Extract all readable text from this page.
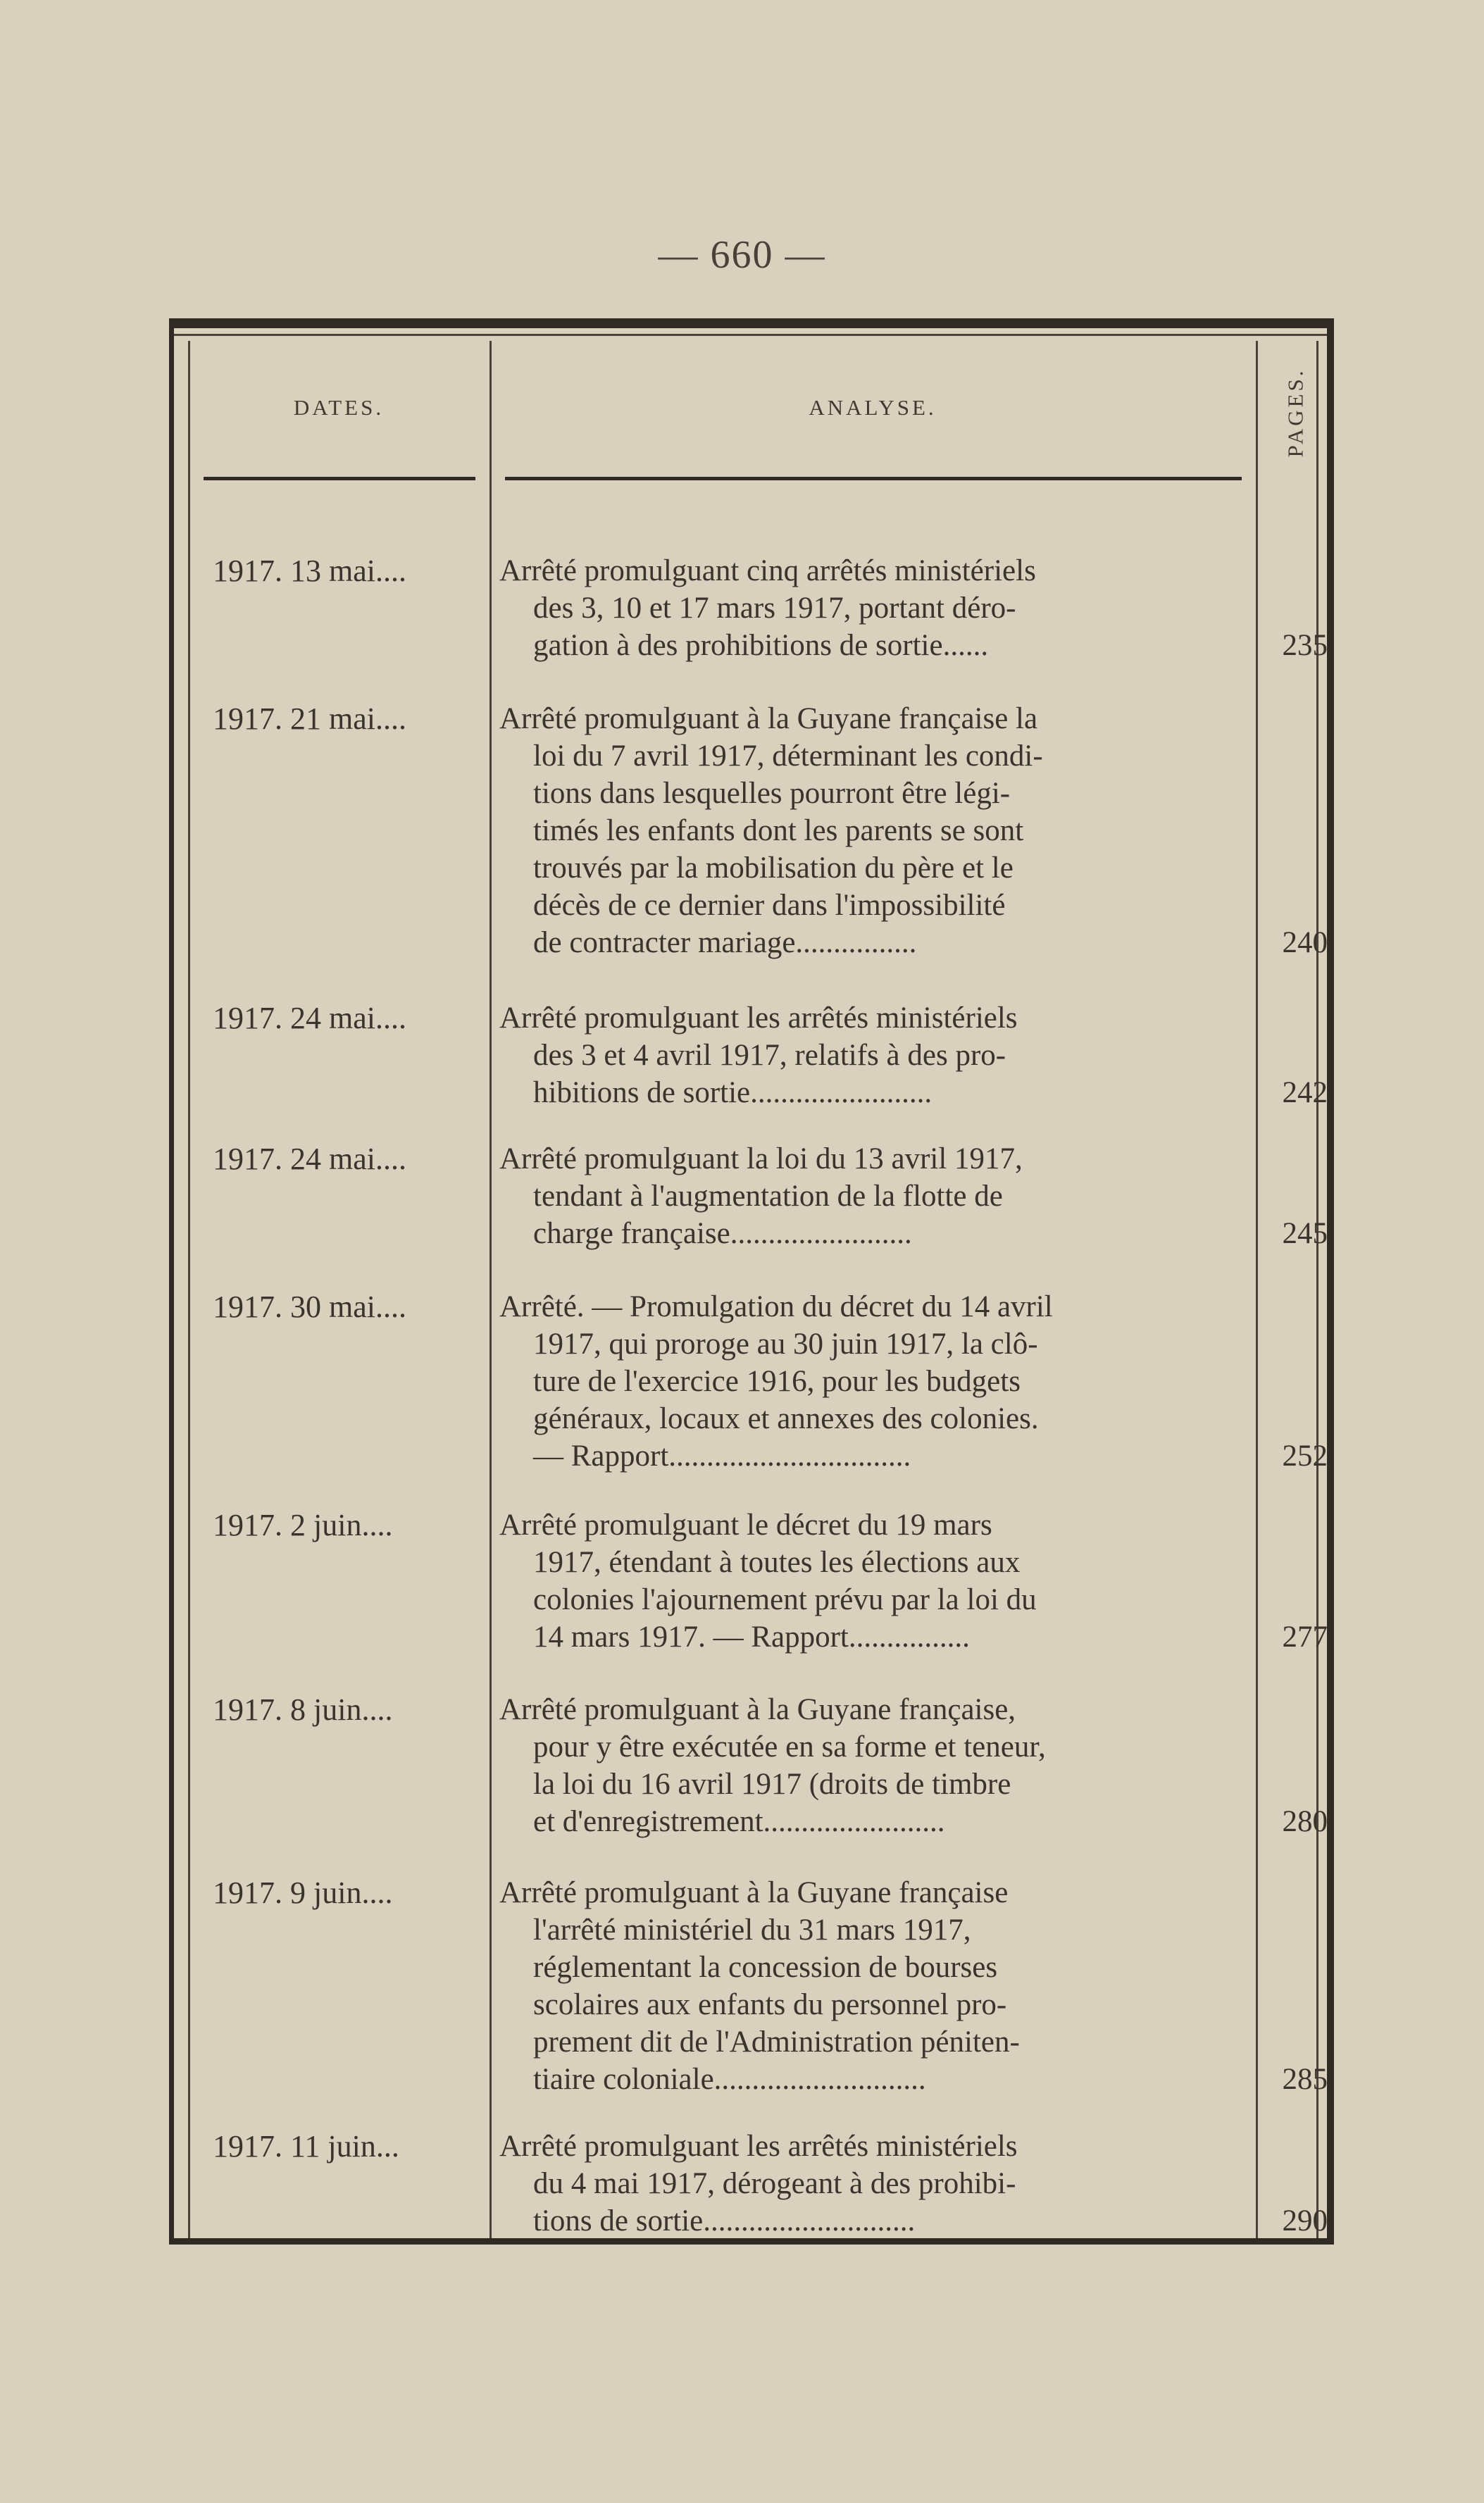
— 660 —
DATES.	ANALYSE.	PAGES.
1917. 13 mai....	Arrêté promulguant cinq arrêtés ministériels
des 3, 10 et 17 mars 1917, portant déro-
gation à des prohibitions de sortie......	235
1917. 21 mai....	Arrêté promulguant à la Guyane française la
loi du 7 avril 1917, déterminant les condi-
tions dans lesquelles pourront être légi-
timés les enfants dont les parents se sont
trouvés par la mobilisation du père et le
décès de ce dernier dans l'impossibilité
de contracter mariage................	240
1917. 24 mai....	Arrêté promulguant les arrêtés ministériels
des 3 et 4 avril 1917, relatifs à des pro-
hibitions de sortie........................	242
1917. 24 mai....	Arrêté promulguant la loi du 13 avril 1917,
tendant à l'augmentation de la flotte de
charge française........................	245
1917. 30 mai....	Arrêté. — Promulgation du décret du 14 avril
1917, qui proroge au 30 juin 1917, la clô-
ture de l'exercice 1916, pour les budgets
généraux, locaux et annexes des colonies.
— Rapport................................	252
1917. 2 juin....	Arrêté promulguant le décret du 19 mars
1917, étendant à toutes les élections aux
colonies l'ajournement prévu par la loi du
14 mars 1917. — Rapport................	277
1917. 8 juin....	Arrêté promulguant à la Guyane française,
pour y être exécutée en sa forme et teneur,
la loi du 16 avril 1917 (droits de timbre
et d'enregistrement........................	280
1917. 9 juin....	Arrêté promulguant à la Guyane française
l'arrêté ministériel du 31 mars 1917,
réglementant la concession de bourses
scolaires aux enfants du personnel pro-
prement dit de l'Administration péniten-
tiaire coloniale............................	285
1917. 11 juin...	Arrêté promulguant les arrêtés ministériels
du 4 mai 1917, dérogeant à des prohibi-
tions de sortie............................	290
